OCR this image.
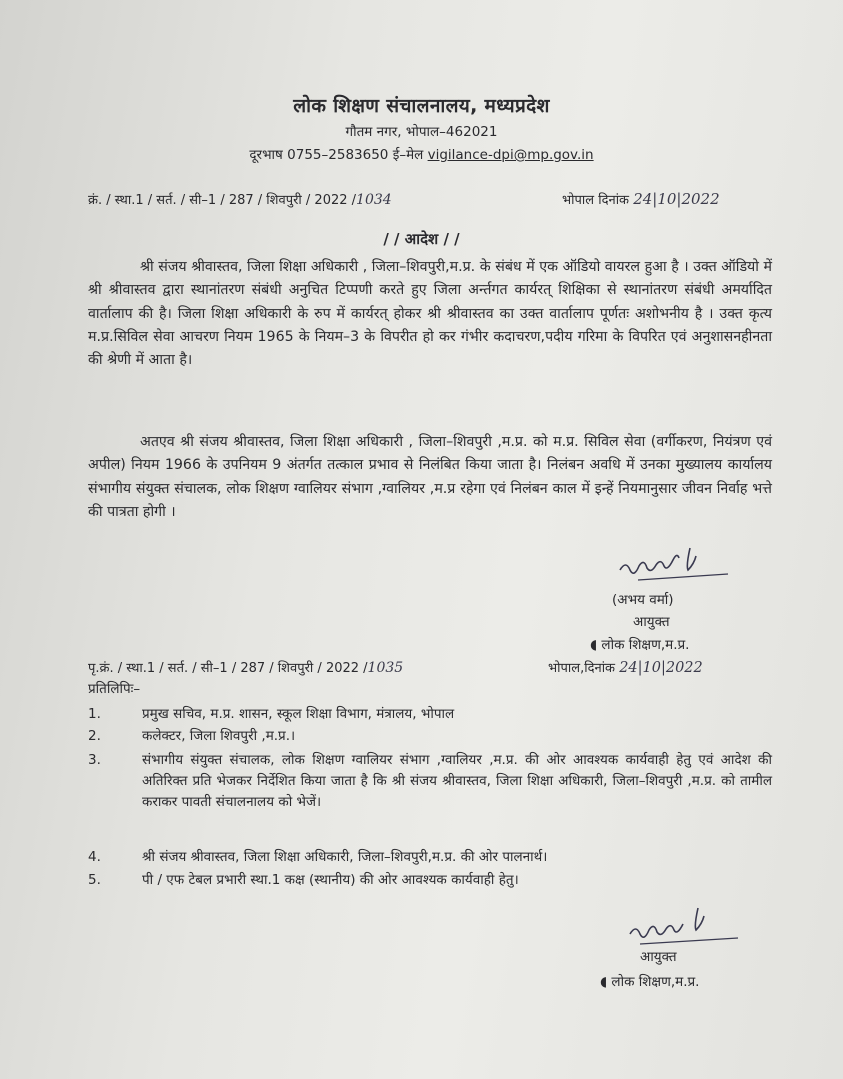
लोक शिक्षण संचालनालय, मध्यप्रदेश
गौतम नगर, भोपाल–462021
दूरभाष 0755–2583650 ई–मेल vigilance-dpi@mp.gov.in
क्रं. / स्था.1 / सर्त. / सी–1 / 287 / शिवपुरी / 2022 /1034	भोपाल दिनांक 24|10|2022
/ / आदेश / /

श्री संजय श्रीवास्तव, जिला शिक्षा अधिकारी , जिला–शिवपुरी,म.प्र. के संबंध में एक ऑडियो वायरल हुआ है । उक्त ऑडियो में श्री श्रीवास्तव द्वारा स्थानांतरण संबंधी अनुचित टिप्पणी करते हुए जिला अर्न्तगत कार्यरत् शिक्षिका से स्थानांतरण संबंधी अमर्यादित वार्तालाप की है। जिला शिक्षा अधिकारी के रुप में कार्यरत् होकर श्री श्रीवास्तव का उक्त वार्तालाप पूर्णतः अशोभनीय है । उक्त कृत्य म.प्र.सिविल सेवा आचरण नियम 1965 के नियम–3 के विपरीत हो कर गंभीर कदाचरण,पदीय गरिमा के विपरित एवं अनुशासनहीनता की श्रेणी में आता है।

अतएव श्री संजय श्रीवास्तव, जिला शिक्षा अधिकारी , जिला–शिवपुरी ,म.प्र. को म.प्र. सिविल सेवा (वर्गीकरण, नियंत्रण एवं अपील) नियम 1966 के उपनियम 9 अंतर्गत तत्काल प्रभाव से निलंबित किया जाता है। निलंबन अवधि में उनका मुख्यालय कार्यालय संभागीय संयुक्त संचालक, लोक शिक्षण ग्वालियर संभाग ,ग्वालियर ,म.प्र रहेगा एवं निलंबन काल में इन्हें नियमानुसार जीवन निर्वाह भत्ते की पात्रता होगी ।

(अभय वर्मा)
आयुक्त
◖ लोक शिक्षण,म.प्र.
पृ.क्रं. / स्था.1 / सर्त. / सी–1 / 287 / शिवपुरी / 2022 /1035	भोपाल,दिनांक 24|10|2022
प्रतिलिपिः–
1.	प्रमुख सचिव, म.प्र. शासन, स्कूल शिक्षा विभाग, मंत्रालय, भोपाल
2.	कलेक्टर, जिला शिवपुरी ,म.प्र.।
3.	संभागीय संयुक्त संचालक, लोक शिक्षण ग्वालियर संभाग ,ग्वालियर ,म.प्र. की ओर आवश्यक कार्यवाही हेतु एवं आदेश की अतिरिक्त प्रति भेजकर निर्देशित किया जाता है कि श्री संजय श्रीवास्तव, जिला शिक्षा अधिकारी, जिला–शिवपुरी ,म.प्र. को तामील कराकर पावती संचालनालय को भेजें।
4.	श्री संजय श्रीवास्तव, जिला शिक्षा अधिकारी, जिला–शिवपुरी,म.प्र. की ओर पालनार्थ।
5.	पी / एफ टेबल प्रभारी स्था.1 कक्ष (स्थानीय) की ओर आवश्यक कार्यवाही हेतु।
आयुक्त
◖ लोक शिक्षण,म.प्र.
